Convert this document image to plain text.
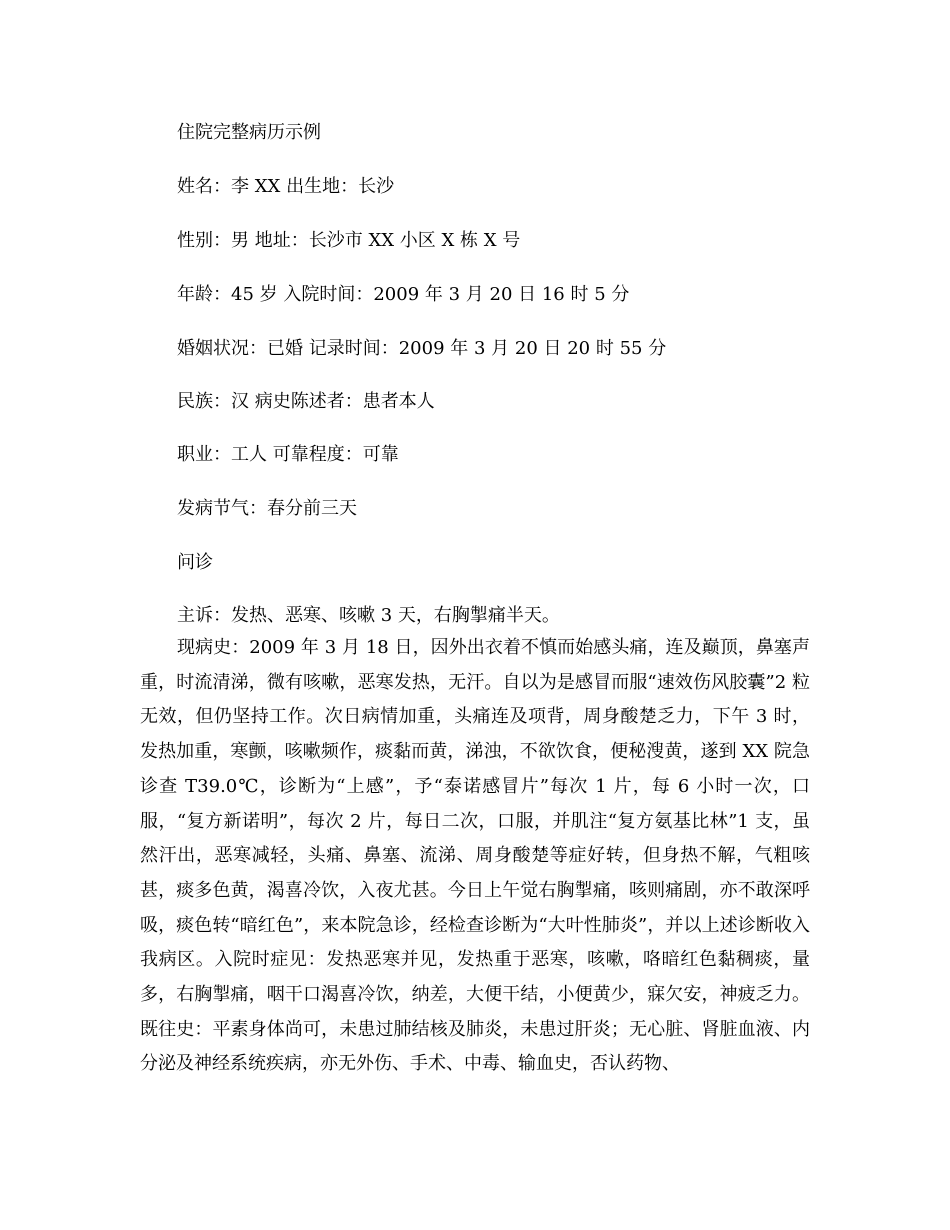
住院完整病历示例
姓名：李 XX 出生地：长沙
性别：男 地址：长沙市 XX 小区 X 栋 X 号
年龄：45 岁 入院时间：2009 年 3 月 20 日 16 时 5 分
婚姻状况：已婚 记录时间：2009 年 3 月 20 日 20 时 55 分
民族：汉 病史陈述者：患者本人
职业：工人 可靠程度：可靠
发病节气：春分前三天
问诊
主诉：发热、恶寒、咳嗽 3 天，右胸掣痛半天。
现病史：2009 年 3 月 18 日，因外出衣着不慎而始感头痛，连及巅顶，鼻塞声重，时流清涕，微有咳嗽，恶寒发热，无汗。自以为是感冒而服“速效伤风胶囊”2 粒无效，但仍坚持工作。次日病情加重，头痛连及项背，周身酸楚乏力，下午 3 时，发热加重，寒颤，咳嗽频作，痰黏而黄，涕浊，不欲饮食，便秘溲黄，遂到 XX 院急诊查 T39.0℃，诊断为“上感”，予“泰诺感冒片”每次 1 片，每 6 小时一次，口服，“复方新诺明”，每次 2 片，每日二次，口服，并肌注“复方氨基比林”1 支，虽然汗出，恶寒减轻，头痛、鼻塞、流涕、周身酸楚等症好转，但身热不解，气粗咳甚，痰多色黄，渴喜冷饮，入夜尤甚。今日上午觉右胸掣痛，咳则痛剧，亦不敢深呼吸，痰色转“暗红色”，来本院急诊，经检查诊断为“大叶性肺炎”，并以上述诊断收入我病区。入院时症见：发热恶寒并见，发热重于恶寒，咳嗽，咯暗红色黏稠痰，量多，右胸掣痛，咽干口渴喜冷饮，纳差，大便干结，小便黄少，寐欠安，神疲乏力。 既往史：平素身体尚可，未患过肺结核及肺炎，未患过肝炎；无心脏、肾脏血液、内分泌及神经系统疾病，亦无外伤、手术、中毒、输血史，否认药物、
